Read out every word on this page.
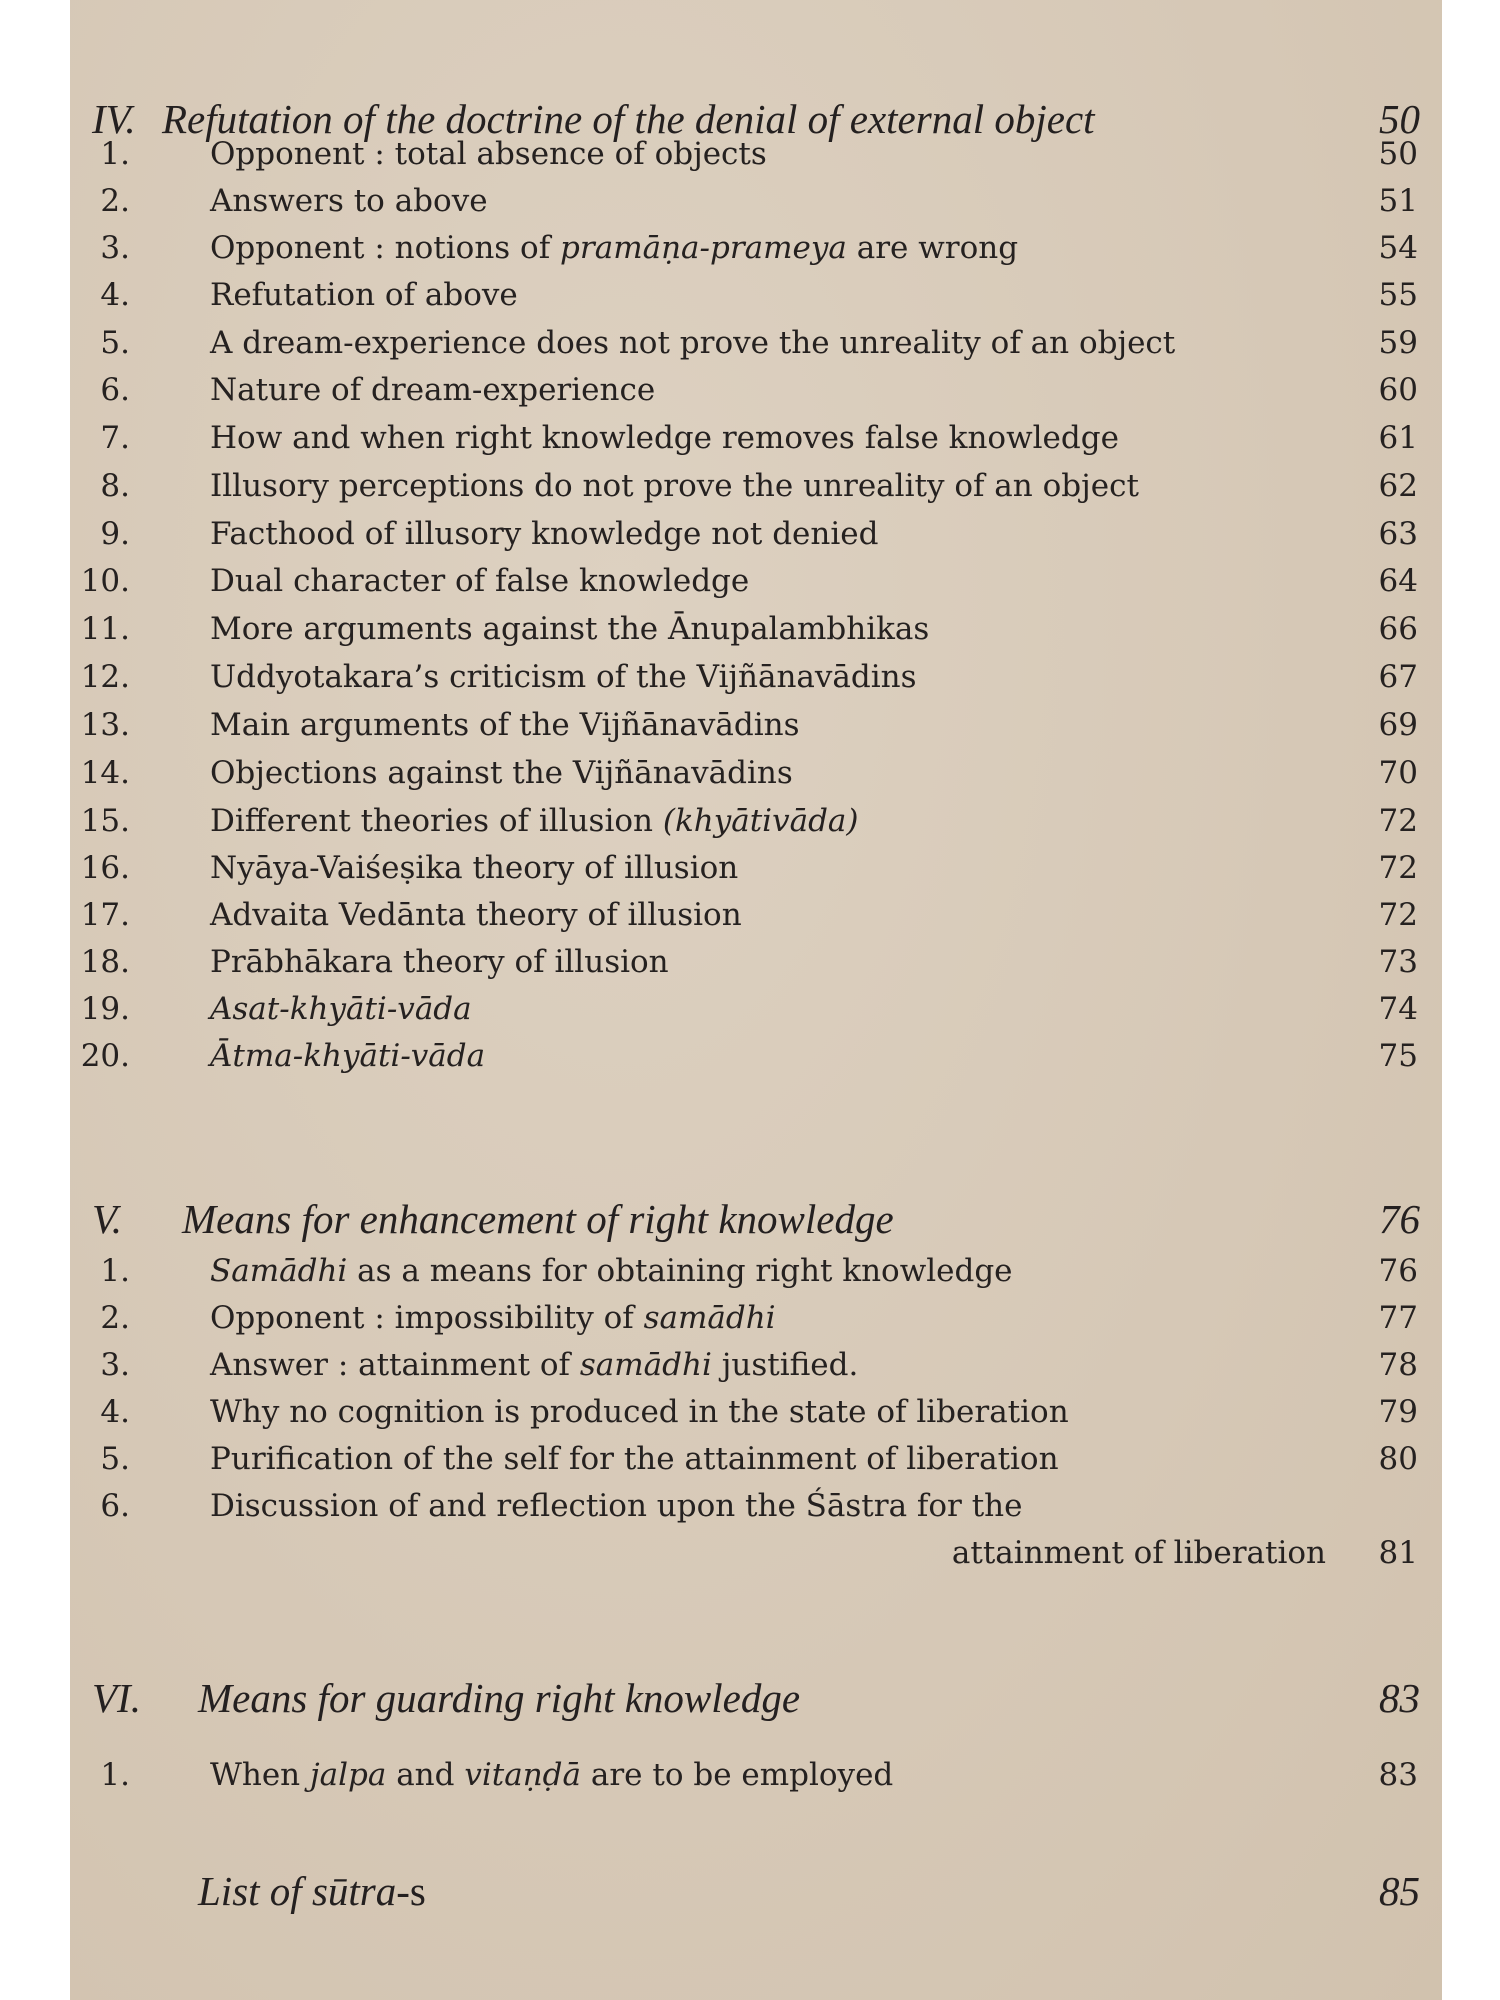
IV. Refutation of the doctrine of the denial of external object	50
1.	Opponent : total absence of objects	50
2.	Answers to above	51
3.	Opponent : notions of pramāṇa-prameya are wrong	54
4.	Refutation of above	55
5.	A dream-experience does not prove the unreality of an object	59
6.	Nature of dream-experience	60
7.	How and when right knowledge removes false knowledge	61
8.	Illusory perceptions do not prove the unreality of an object	62
9.	Facthood of illusory knowledge not denied	63
10.	Dual character of false knowledge	64
11.	More arguments against the Ānupalambhikas	66
12.	Uddyotakara’s criticism of the Vijñānavādins	67
13.	Main arguments of the Vijñānavādins	69
14.	Objections against the Vijñānavādins	70
15.	Different theories of illusion (khyātivāda)	72
16.	Nyāya-Vaiśeṣika theory of illusion	72
17.	Advaita Vedānta theory of illusion	72
18.	Prābhākara theory of illusion	73
19.	Asat-khyāti-vāda	74
20.	Ātma-khyāti-vāda	75
V. Means for enhancement of right knowledge	76
1.	Samādhi as a means for obtaining right knowledge	76
2.	Opponent : impossibility of samādhi	77
3.	Answer : attainment of samādhi justified.	78
4.	Why no cognition is produced in the state of liberation	79
5.	Purification of the self for the attainment of liberation	80
6.	Discussion of and reflection upon the Śāstra for the
attainment of liberation 81
VI. Means for guarding right knowledge	83
1.	When jalpa and vitaṇḍā are to be employed	83
List of sūtra-s	85
